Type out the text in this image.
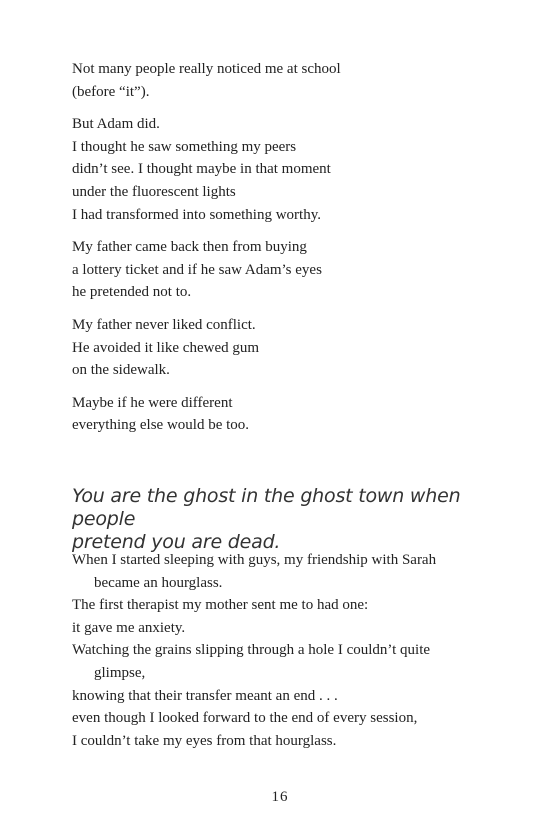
Not many people really noticed me at school
(before “it”).
But Adam did.
I thought he saw something my peers
didn’t see. I thought maybe in that moment
under the fluorescent lights
I had transformed into something worthy.
My father came back then from buying
a lottery ticket and if he saw Adam’s eyes
he pretended not to.
My father never liked conflict.
He avoided it like chewed gum
on the sidewalk.
Maybe if he were different
everything else would be too.
You are the ghost in the ghost town when people
pretend you are dead.
When I started sleeping with guys, my friendship with Sarah
became an hourglass.
The first therapist my mother sent me to had one:
it gave me anxiety.
Watching the grains slipping through a hole I couldn’t quite
glimpse,
knowing that their transfer meant an end . . .
even though I looked forward to the end of every session,
I couldn’t take my eyes from that hourglass.
16
